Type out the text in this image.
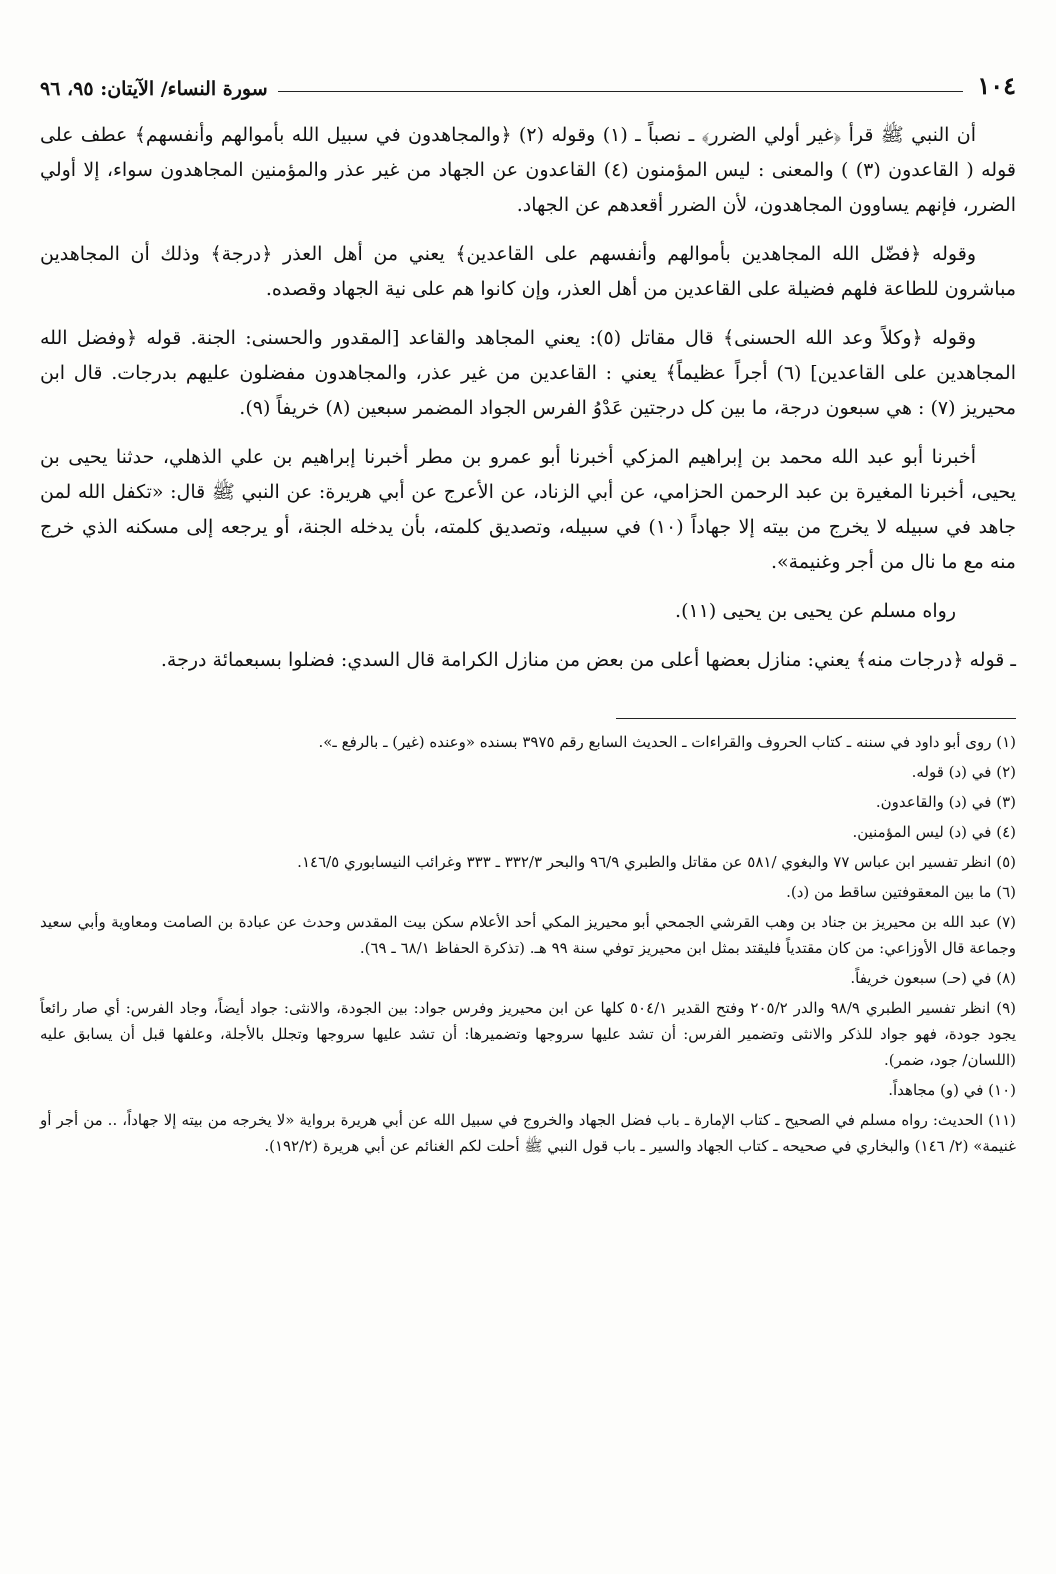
١٠٤
سورة النساء/ الآيتان: ٩٥، ٩٦

أن النبي ﷺ قرأ ﴿غير أولي الضرر﴾ ـ نصباً ـ (١) وقوله (٢) ﴿والمجاهدون في سبيل الله بأموالهم وأنفسهم﴾ عطف على قوله ( القاعدون (٣) ) والمعنى : ليس المؤمنون (٤) القاعدون عن الجهاد من غير عذر والمؤمنين المجاهدون سواء، إلا أولي الضرر، فإنهم يساوون المجاهدون، لأن الضرر أقعدهم عن الجهاد.

وقوله ﴿فضّل الله المجاهدين بأموالهم وأنفسهم على القاعدين﴾ يعني من أهل العذر ﴿درجة﴾ وذلك أن المجاهدين مباشرون للطاعة فلهم فضيلة على القاعدين من أهل العذر، وإن كانوا هم على نية الجهاد وقصده.

وقوله ﴿وكلاً وعد الله الحسنى﴾ قال مقاتل (٥): يعني المجاهد والقاعد [المقدور والحسنى: الجنة. قوله ﴿وفضل الله المجاهدين على القاعدين] (٦) أجراً عظيماً﴾ يعني : القاعدين من غير عذر، والمجاهدون مفضلون عليهم بدرجات. قال ابن محيريز (٧) : هي سبعون درجة، ما بين كل درجتين عَدْوُ الفرس الجواد المضمر سبعين (٨) خريفاً (٩).

أخبرنا أبو عبد الله محمد بن إبراهيم المزكي أخبرنا أبو عمرو بن مطر أخبرنا إبراهيم بن علي الذهلي، حدثنا يحيى بن يحيى، أخبرنا المغيرة بن عبد الرحمن الحزامي، عن أبي الزناد، عن الأعرج عن أبي هريرة: عن النبي ﷺ قال: «تكفل الله لمن جاهد في سبيله لا يخرج من بيته إلا جهاداً (١٠) في سبيله، وتصديق كلمته، بأن يدخله الجنة، أو يرجعه إلى مسكنه الذي خرج منه مع ما نال من أجر وغنيمة».

رواه مسلم عن يحيى بن يحيى (١١).

ـ قوله ﴿درجات منه﴾ يعني: منازل بعضها أعلى من بعض من منازل الكرامة قال السدي: فضلوا بسبعمائة درجة.

(١) روى أبو داود في سننه ـ كتاب الحروف والقراءات ـ الحديث السابع رقم ٣٩٧٥ بسنده «وعنده (غير) ـ بالرفع ـ».

(٢) في (د) قوله.

(٣) في (د) والقاعدون.

(٤) في (د) ليس المؤمنين.

(٥) انظر تفسير ابن عباس ٧٧ والبغوي /٥٨١ عن مقاتل والطبري ٩٦/٩ والبحر ٣٣٢/٣ ـ ٣٣٣ وغرائب النيسابوري ١٤٦/٥.

(٦) ما بين المعقوفتين ساقط من (د).

(٧) عبد الله بن محيريز بن جناد بن وهب القرشي الجمحي أبو محيريز المكي أحد الأعلام سكن بيت المقدس وحدث عن عبادة بن الصامت ومعاوية وأبي سعيد وجماعة قال الأوزاعي: من كان مقتدياً فليقتد بمثل ابن محيريز توفي سنة ٩٩ هـ. (تذكرة الحفاظ ٦٨/١ ـ ٦٩).

(٨) في (حـ) سبعون خريفاً.

(٩) انظر تفسير الطبري ٩٨/٩ والدر ٢٠٥/٢ وفتح القدير ٥٠٤/١ كلها عن ابن محيريز وفرس جواد: بين الجودة، والانثى: جواد أيضاً، وجاد الفرس: أي صار رائعاً يجود جودة، فهو جواد للذكر والانثى وتضمير الفرس: أن تشد عليها سروجها وتضميرها: أن تشد عليها سروجها وتجلل بالأجلة، وعلفها قبل أن يسابق عليه (اللسان/ جود، ضمر).

(١٠) في (و) مجاهداً.

(١١) الحديث: رواه مسلم في الصحيح ـ كتاب الإمارة ـ باب فضل الجهاد والخروج في سبيل الله عن أبي هريرة برواية «لا يخرجه من بيته إلا جهاداً، .. من أجر أو غنيمة» (٢/ ١٤٦) والبخاري في صحيحه ـ كتاب الجهاد والسير ـ باب قول النبي ﷺ أحلت لكم الغنائم عن أبي هريرة (١٩٢/٢).
